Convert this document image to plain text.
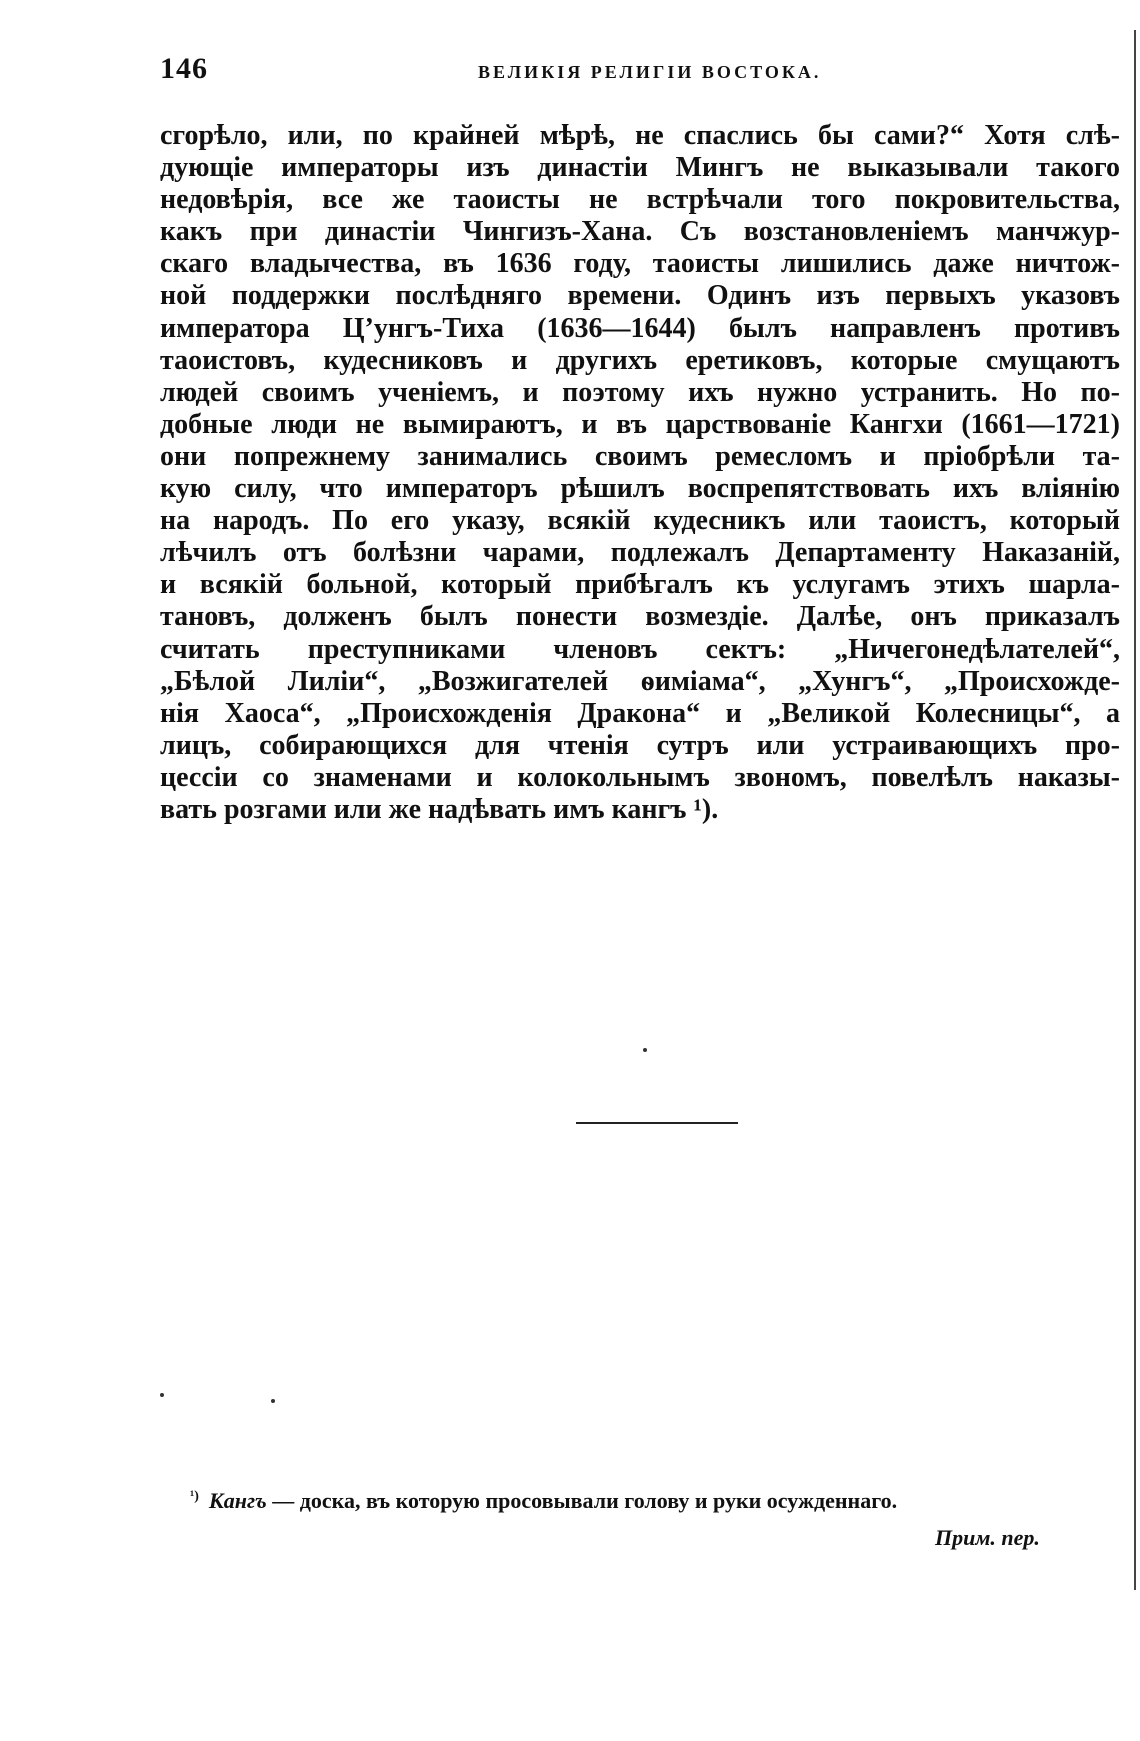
146	ВЕЛИКІЯ РЕЛИГІИ ВОСТОКА.
сгорѣло, или, по крайней мѣрѣ, не спаслись бы сами?“ Хотя слѣ-
дующіе императоры изъ династіи Мингъ не выказывали такого
недовѣрія, все же таоисты не встрѣчали того покровительства,
какъ при династіи Чингизъ-Хана. Съ возстановленіемъ манчжур-
скаго владычества, въ 1636 году, таоисты лишились даже ничтож-
ной поддержки послѣдняго времени. Одинъ изъ первыхъ указовъ
императора Ц’унгъ-Тиха (1636—1644) былъ направленъ противъ
таоистовъ, кудесниковъ и другихъ еретиковъ, которые смущаютъ
людей своимъ ученіемъ, и поэтому ихъ нужно устранить. Но по-
добные люди не вымираютъ, и въ царствованіе Кангхи (1661—1721)
они попрежнему занимались своимъ ремесломъ и пріобрѣли та-
кую силу, что императоръ рѣшилъ воспрепятствовать ихъ вліянію
на народъ. По его указу, всякій кудесникъ или таоистъ, который
лѣчилъ отъ болѣзни чарами, подлежалъ Департаменту Наказаній,
и всякій больной, который прибѣгалъ къ услугамъ этихъ шарла-
тановъ, долженъ былъ понести возмездіе. Далѣе, онъ приказалъ
считать преступниками членовъ сектъ: „Ничегонедѣлателей“,
„Бѣлой Лиліи“, „Возжигателей ѳиміама“, „Хунгъ“, „Происхожде-
нія Хаоса“, „Происхожденія Дракона“ и „Великой Колесницы“, а
лицъ, собирающихся для чтенія сутръ или устраивающихъ про-
цессіи со знаменами и колокольнымъ звономъ, повелѣлъ наказы-
вать розгами или же надѣвать имъ кангъ ¹).
$^{^1)}$ Кангъ — доска, въ которую просовывали голову и руки осужденнаго.
Прим. пер.
